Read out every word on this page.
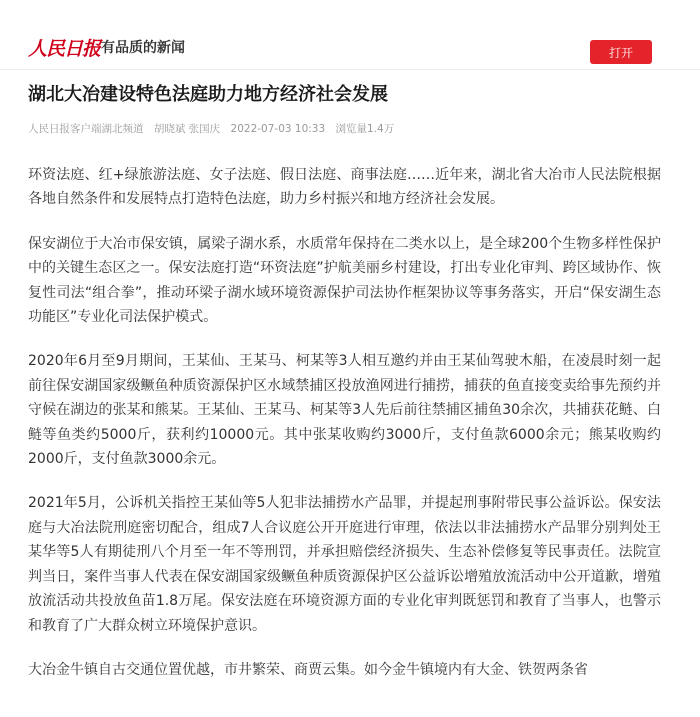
人民日报 有品质的新闻	打开
湖北大冶建设特色法庭助力地方经济社会发展
人民日报客户端湖北频道 胡晓斌 张国庆 2022-07-03 10:33 浏览量1.4万

环资法庭、红+绿旅游法庭、女子法庭、假日法庭、商事法庭……近年来，湖北省大冶市人民法院根据各地自然条件和发展特点打造特色法庭，助力乡村振兴和地方经济社会发展。

保安湖位于大冶市保安镇，属梁子湖水系，水质常年保持在二类水以上，是全球200个生物多样性保护中的关键生态区之一。保安法庭打造“环资法庭”护航美丽乡村建设，打出专业化审判、跨区域协作、恢复性司法“组合拳”，推动环梁子湖水域环境资源保护司法协作框架协议等事务落实，开启“保安湖生态功能区”专业化司法保护模式。

2020年6月至9月期间，王某仙、王某马、柯某等3人相互邀约并由王某仙驾驶木船，在凌晨时刻一起前往保安湖国家级鳜鱼种质资源保护区水域禁捕区投放渔网进行捕捞，捕获的鱼直接变卖给事先预约并守候在湖边的张某和熊某。王某仙、王某马、柯某等3人先后前往禁捕区捕鱼30余次，共捕获花鲢、白鲢等鱼类约5000斤，获利约10000元。其中张某收购约3000斤，支付鱼款6000余元；熊某收购约2000斤，支付鱼款3000余元。

2021年5月，公诉机关指控王某仙等5人犯非法捕捞水产品罪，并提起刑事附带民事公益诉讼。保安法庭与大冶法院刑庭密切配合，组成7人合议庭公开开庭进行审理，依法以非法捕捞水产品罪分别判处王某华等5人有期徒刑八个月至一年不等刑罚，并承担赔偿经济损失、生态补偿修复等民事责任。法院宣判当日，案件当事人代表在保安湖国家级鳜鱼种质资源保护区公益诉讼增殖放流活动中公开道歉，增殖放流活动共投放鱼苗1.8万尾。保安法庭在环境资源方面的专业化审判既惩罚和教育了当事人，也警示和教育了广大群众树立环境保护意识。

大冶金牛镇自古交通位置优越，市井繁荣、商贾云集。如今金牛镇境内有大金、铁贺两条省
